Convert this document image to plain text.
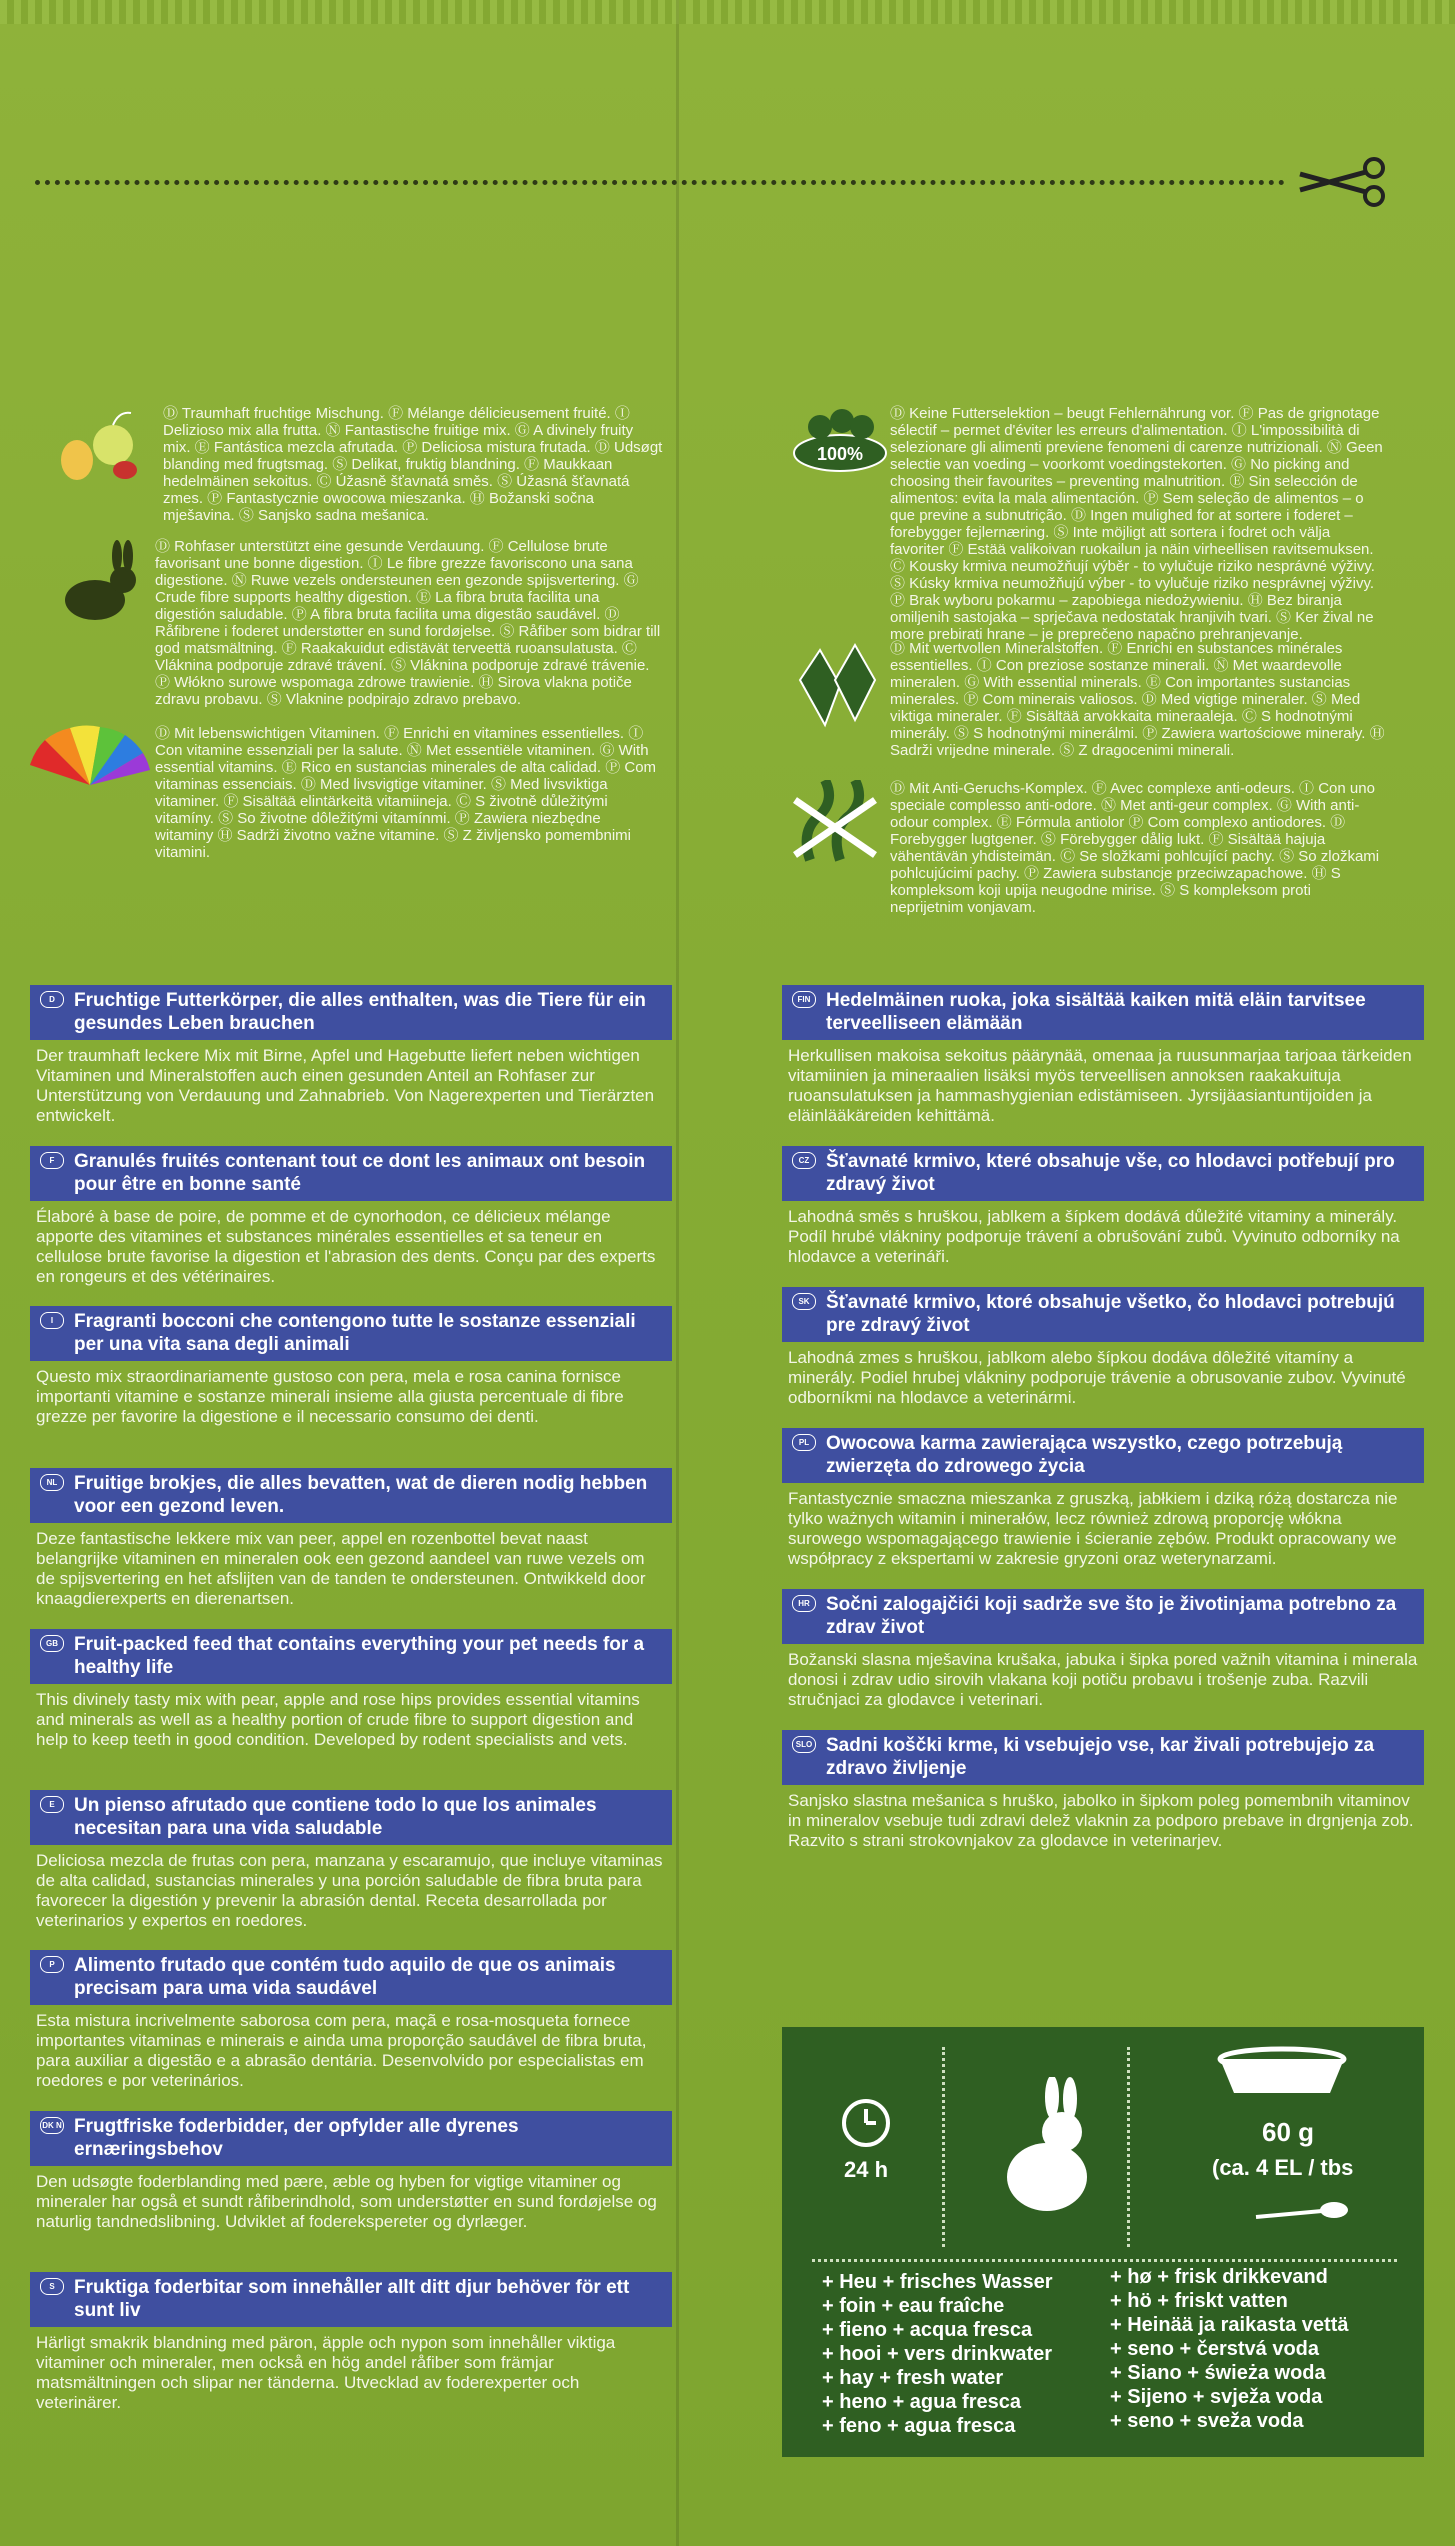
Ⓓ Traumhaft fruchtige Mischung. Ⓕ Mélange délicieusement fruité. Ⓘ Delizioso mix alla frutta. Ⓝ Fantastische fruitige mix. Ⓖ A divinely fruity mix. Ⓔ Fantástica mezcla afrutada. Ⓟ Deliciosa mistura frutada. Ⓓ Udsøgt blanding med frugtsmag. Ⓢ Delikat, fruktig blandning. Ⓕ Maukkaan hedelmäinen sekoitus. Ⓒ Úžasně šťavnatá směs. Ⓢ Úžasná šťavnatá zmes. Ⓟ Fantastycznie owocowa mieszanka. Ⓗ Božanski sočna mješavina. Ⓢ Sanjsko sadna mešanica.

Ⓓ Rohfaser unterstützt eine gesunde Verdauung. Ⓕ Cellulose brute favorisant une bonne digestion. Ⓘ Le fibre grezze favoriscono una sana digestione. Ⓝ Ruwe vezels ondersteunen een gezonde spijsvertering. Ⓖ Crude fibre supports healthy digestion. Ⓔ La fibra bruta facilita una digestión saludable. Ⓟ A fibra bruta facilita uma digestão saudável. Ⓓ Råfibrene i foderet understøtter en sund fordøjelse. Ⓢ Råfiber som bidrar till god matsmältning. Ⓕ Raakakuidut edistävät terveettä ruoansulatusta. Ⓒ Vláknina podporuje zdravé trávení. Ⓢ Vláknina podporuje zdravé trávenie. Ⓟ Włókno surowe wspomaga zdrowe trawienie. Ⓗ Sirova vlakna potiče zdravu probavu. Ⓢ Vlaknine podpirajo zdravo prebavo.

Ⓓ Mit lebenswichtigen Vitaminen. Ⓕ Enrichi en vitamines essentielles. Ⓘ Con vitamine essenziali per la salute. Ⓝ Met essentiële vitaminen. Ⓖ With essential vitamins. Ⓔ Rico en sustancias minerales de alta calidad. Ⓟ Com vitaminas essenciais. Ⓓ Med livsvigtige vitaminer. Ⓢ Med livsviktiga vitaminer. Ⓕ Sisältää elintärkeitä vitamiineja. Ⓒ S životně důležitými vitamíny. Ⓢ So životne dôležitými vitamínmi. Ⓟ Zawiera niezbędne witaminy Ⓗ Sadrži životno važne vitamine. Ⓢ Z življensko pomembnimi vitamini.

100%

Ⓓ Keine Futterselektion – beugt Fehlernährung vor. Ⓕ Pas de grignotage sélectif – permet d'éviter les erreurs d'alimentation. Ⓘ L'impossibilità di selezionare gli alimenti previene fenomeni di carenze nutrizionali. Ⓝ Geen selectie van voeding – voorkomt voedingstekorten. Ⓖ No picking and choosing their favourites – preventing malnutrition. Ⓔ Sin selección de alimentos: evita la mala alimentación. Ⓟ Sem seleção de alimentos – o que previne a subnutrição. Ⓓ Ingen mulighed for at sortere i foderet – forebygger fejlernæring. Ⓢ Inte möjligt att sortera i fodret och välja favoriter Ⓕ Estää valikoivan ruokailun ja näin virheellisen ravitsemuksen. Ⓒ Kousky krmiva neumožňují výběr - to vylučuje riziko nesprávné výživy. Ⓢ Kúsky krmiva neumožňujú výber - to vylučuje riziko nesprávnej výživy. Ⓟ Brak wyboru pokarmu – zapobiega niedożywieniu. Ⓗ Bez biranja omiljenih sastojaka – sprječava nedostatak hranjivih tvari. Ⓢ Ker žival ne more prebirati hrane – je preprečeno napačno prehranjevanje.

Ⓓ Mit wertvollen Mineralstoffen. Ⓕ Enrichi en substances minérales essentielles. Ⓘ Con preziose sostanze minerali. Ⓝ Met waardevolle mineralen. Ⓖ With essential minerals. Ⓔ Con importantes sustancias minerales. Ⓟ Com minerais valiosos. Ⓓ Med vigtige mineraler. Ⓢ Med viktiga mineraler. Ⓕ Sisältää arvokkaita mineraaleja. Ⓒ S hodnotnými minerály. Ⓢ S hodnotnými minerálmi. Ⓟ Zawiera wartościowe minerały. Ⓗ Sadrži vrijedne minerale. Ⓢ Z dragocenimi minerali.

Ⓓ Mit Anti-Geruchs-Komplex. Ⓕ Avec complexe anti-odeurs. Ⓘ Con uno speciale complesso anti-odore. Ⓝ Met anti-geur complex. Ⓖ With anti-odour complex. Ⓔ Fórmula antiolor Ⓟ Com complexo antiodores. Ⓓ Forebygger lugtgener. Ⓢ Förebygger dålig lukt. Ⓕ Sisältää hajuja vähentävän yhdisteimän. Ⓒ Se složkami pohlcující pachy. Ⓢ So zložkami pohlcujúcimi pachy. Ⓟ Zawiera substancje przeciwzapachowe. Ⓗ S kompleksom koji upija neugodne mirise. Ⓢ S kompleksom proti neprijetnim vonjavam.

D	Fruchtige Futterkörper, die alles enthalten, was die Tiere für ein gesundes Leben brauchen
Der traumhaft leckere Mix mit Birne, Apfel und Hagebutte liefert neben wichtigen Vitaminen und Mineralstoffen auch einen gesunden Anteil an Rohfaser zur Unterstützung von Verdauung und Zahnabrieb. Von Nagerexperten und Tierärzten entwickelt.
F	Granulés fruités contenant tout ce dont les animaux ont besoin pour être en bonne santé
Élaboré à base de poire, de pomme et de cynorhodon, ce délicieux mélange apporte des vitamines et substances minérales essentielles et sa teneur en cellulose brute favorise la digestion et l'abrasion des dents. Conçu par des experts en rongeurs et des vétérinaires.
I	Fragranti bocconi che contengono tutte le sostanze essenziali per una vita sana degli animali
Questo mix straordinariamente gustoso con pera, mela e rosa canina fornisce importanti vitamine e sostanze minerali insieme alla giusta percentuale di fibre grezze per favorire la digestione e il necessario consumo dei denti.
NL Fruitige brokjes, die alles bevatten, wat de dieren nodig hebben voor een gezond leven.
Deze fantastische lekkere mix van peer, appel en rozenbottel bevat naast belangrijke vitaminen en mineralen ook een gezond aandeel van ruwe vezels om de spijsvertering en het afslijten van de tanden te ondersteunen. Ontwikkeld door knaagdierexperts en dierenartsen.
GB Fruit-packed feed that contains everything your pet needs for a healthy life
This divinely tasty mix with pear, apple and rose hips provides essential vitamins and minerals as well as a healthy portion of crude fibre to support digestion and help to keep teeth in good condition. Developed by rodent specialists and vets.
E	Un pienso afrutado que contiene todo lo que los animales necesitan para una vida saludable
Deliciosa mezcla de frutas con pera, manzana y escaramujo, que incluye vitaminas de alta calidad, sustancias minerales y una porción saludable de fibra bruta para favorecer la digestión y prevenir la abrasión dental. Receta desarrollada por veterinarios y expertos en roedores.
P	Alimento frutado que contém tudo aquilo de que os animais precisam para uma vida saudável
Esta mistura incrivelmente saborosa com pera, maçã e rosa-mosqueta fornece importantes vitaminas e minerais e ainda uma proporção saudável de fibra bruta, para auxiliar a digestão e a abrasão dentária. Desenvolvido por especialistas em roedores e por veterinários.
DK N Frugtfriske foderbidder, der opfylder alle dyrenes ernæringsbehov
Den udsøgte foderblanding med pære, æble og hyben for vigtige vitaminer og mineraler har også et sundt råfiberindhold, som understøtter en sund fordøjelse og naturlig tandnedslibning. Udviklet af foderekspereter og dyrlæger.
S	Fruktiga foderbitar som innehåller allt ditt djur behöver för ett sunt liv
Härligt smakrik blandning med päron, äpple och nypon som innehåller viktiga vitaminer och mineraler, men också en hög andel råfiber som främjar matsmältningen och slipar ner tänderna. Utvecklad av foderexperter och veterinärer.
FIN Hedelmäinen ruoka, joka sisältää kaiken mitä eläin tarvitsee terveelliseen elämään
Herkullisen makoisa sekoitus päärynää, omenaa ja ruusunmarjaa tarjoaa tärkeiden vitamiinien ja mineraalien lisäksi myös terveellisen annoksen raakakuituja ruoansulatuksen ja hammashygienian edistämiseen. Jyrsijäasiantuntijoiden ja eläinlääkäreiden kehittämä.
CZ Šťavnaté krmivo, které obsahuje vše, co hlodavci potřebují pro zdravý život
Lahodná směs s hruškou, jablkem a šípkem dodává důležité vitaminy a minerály. Podíl hrubé vlákniny podporuje trávení a obrušování zubů. Vyvinuto odborníky na hlodavce a veterináři.
SK Šťavnaté krmivo, ktoré obsahuje všetko, čo hlodavci potrebujú pre zdravý život
Lahodná zmes s hruškou, jablkom alebo šípkou dodáva dôležité vitamíny a minerály. Podiel hrubej vlákniny podporuje trávenie a obrusovanie zubov. Vyvinuté odborníkmi na hlodavce a veterinármi.
PL Owocowa karma zawierająca wszystko, czego potrzebują zwierzęta do zdrowego życia
Fantastycznie smaczna mieszanka z gruszką, jabłkiem i dziką różą dostarcza nie tylko ważnych witamin i minerałów, lecz również zdrową proporcję włókna surowego wspomagającego trawienie i ścieranie zębów. Produkt opracowany we współpracy z ekspertami w zakresie gryzoni oraz weterynarzami.
HR Sočni zalogajčići koji sadrže sve što je životinjama potrebno za zdrav život
Božanski slasna mješavina krušaka, jabuka i šipka pored važnih vitamina i minerala donosi i zdrav udio sirovih vlakana koji potiču probavu i trošenje zuba. Razvili stručnjaci za glodavce i veterinari.
SLO Sadni koščki krme, ki vsebujejo vse, kar živali potrebujejo za zdravo življenje
Sanjsko slastna mešanica s hruško, jabolko in šipkom poleg pomembnih vitaminov in mineralov vsebuje tudi zdravi delež vlaknin za podporo prebave in drgnjenja zob. Razvito s strani strokovnjakov za glodavce in veterinarjev.
24 h
60 g
(ca. 4 EL / tbs
+ Heu + frisches Wasser
+ foin + eau fraîche
+ fieno + acqua fresca
+ hooi + vers drinkwater
+ hay + fresh water
+ heno + agua fresca
+ feno + agua fresca
+ hø + frisk drikkevand
+ hö + friskt vatten
+ Heinää ja raikasta vettä
+ seno + čerstvá voda
+ Siano + świeża woda
+ Sijeno + svježa voda
+ seno + sveža voda
